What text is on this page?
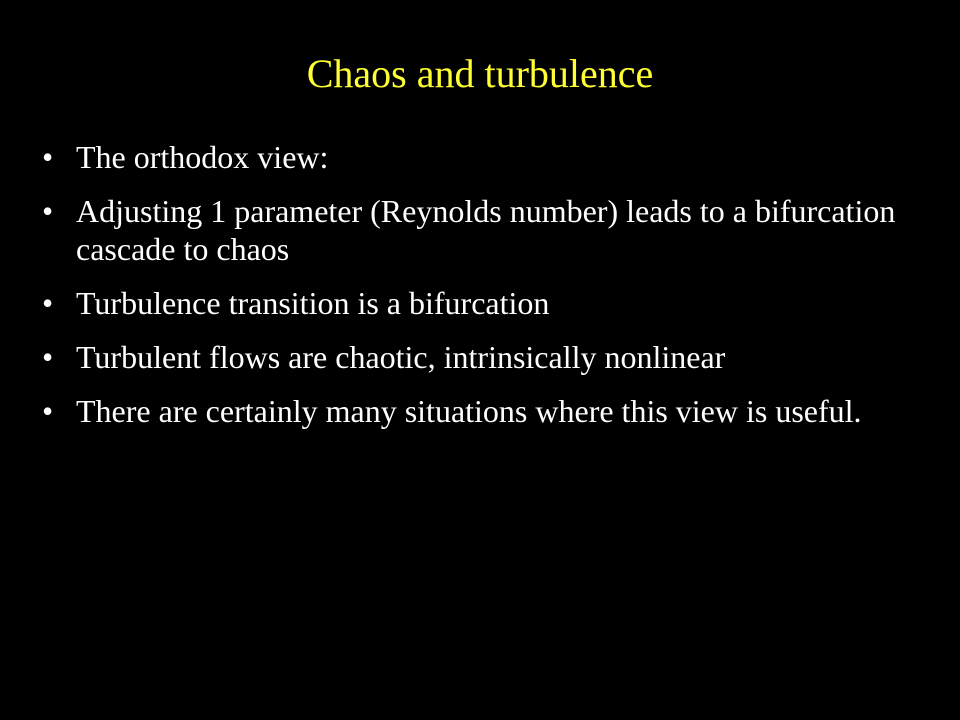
Chaos and turbulence
• The orthodox view:
• Adjusting 1 parameter (Reynolds number) leads to a bifurcation cascade to chaos
• Turbulence transition is a bifurcation
• Turbulent flows are chaotic, intrinsically nonlinear
• There are certainly many situations where this view is useful.
